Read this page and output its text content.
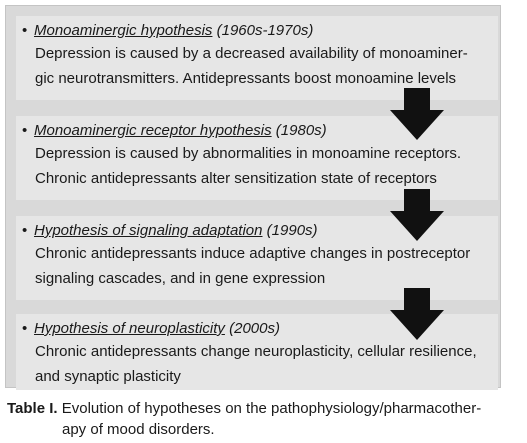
• Monoaminergic hypothesis (1960s-1970s)
Depression is caused by a decreased availability of monoaminer-
gic neurotransmitters. Antidepressants boost monoamine levels
• Monoaminergic receptor hypothesis (1980s)
Depression is caused by abnormalities in monoamine receptors.
Chronic antidepressants alter sensitization state of receptors
• Hypothesis of signaling adaptation (1990s)
Chronic antidepressants induce adaptive changes in postreceptor
signaling cascades, and in gene expression
• Hypothesis of neuroplasticity (2000s)
Chronic antidepressants change neuroplasticity, cellular resilience,
and synaptic plasticity
Table I. Evolution of hypotheses on the pathophysiology/pharmacother-
apy of mood disorders.
